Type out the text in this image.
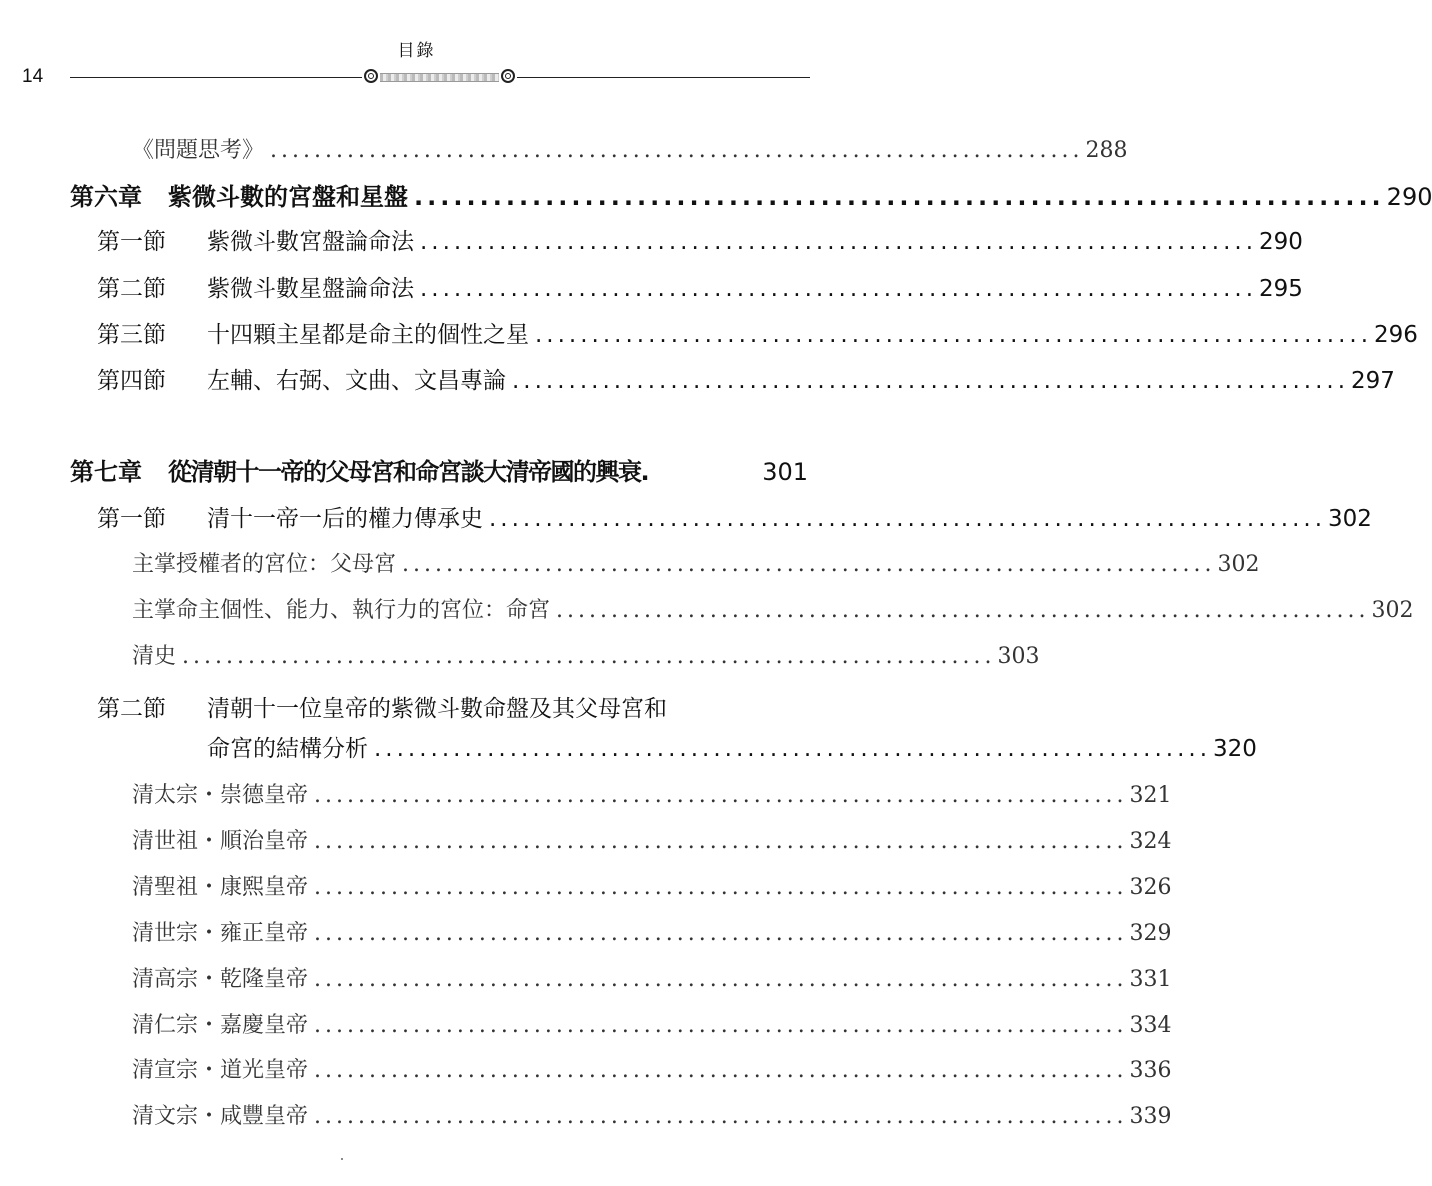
目錄
14
《問題思考》 .......................................................................... 288
第六章 紫微斗數的宮盤和星盤 .......................................................................... 290
第一節 紫微斗數宮盤論命法 .......................................................................... 290
第二節 紫微斗數星盤論命法 .......................................................................... 295
第三節 十四顆主星都是命主的個性之星 .......................................................................... 296
第四節 左輔、右弼、文曲、文昌專論 .......................................................................... 297
第七章 從清朝十一帝的父母宮和命宮談大清帝國的興衰.	301
第一節 清十一帝一后的權力傳承史 .......................................................................... 302
主掌授權者的宮位：父母宮 .......................................................................... 302
主掌命主個性、能力、執行力的宮位：命宮 .......................................................................... 302
清史 .......................................................................... 303
第二節 清朝十一位皇帝的紫微斗數命盤及其父母宮和
命宮的結構分析 .......................................................................... 320
清太宗・崇德皇帝 .......................................................................... 321
清世祖・順治皇帝 .......................................................................... 324
清聖祖・康熙皇帝 .......................................................................... 326
清世宗・雍正皇帝 .......................................................................... 329
清高宗・乾隆皇帝 .......................................................................... 331
清仁宗・嘉慶皇帝 .......................................................................... 334
清宣宗・道光皇帝 .......................................................................... 336
清文宗・咸豐皇帝 .......................................................................... 339
